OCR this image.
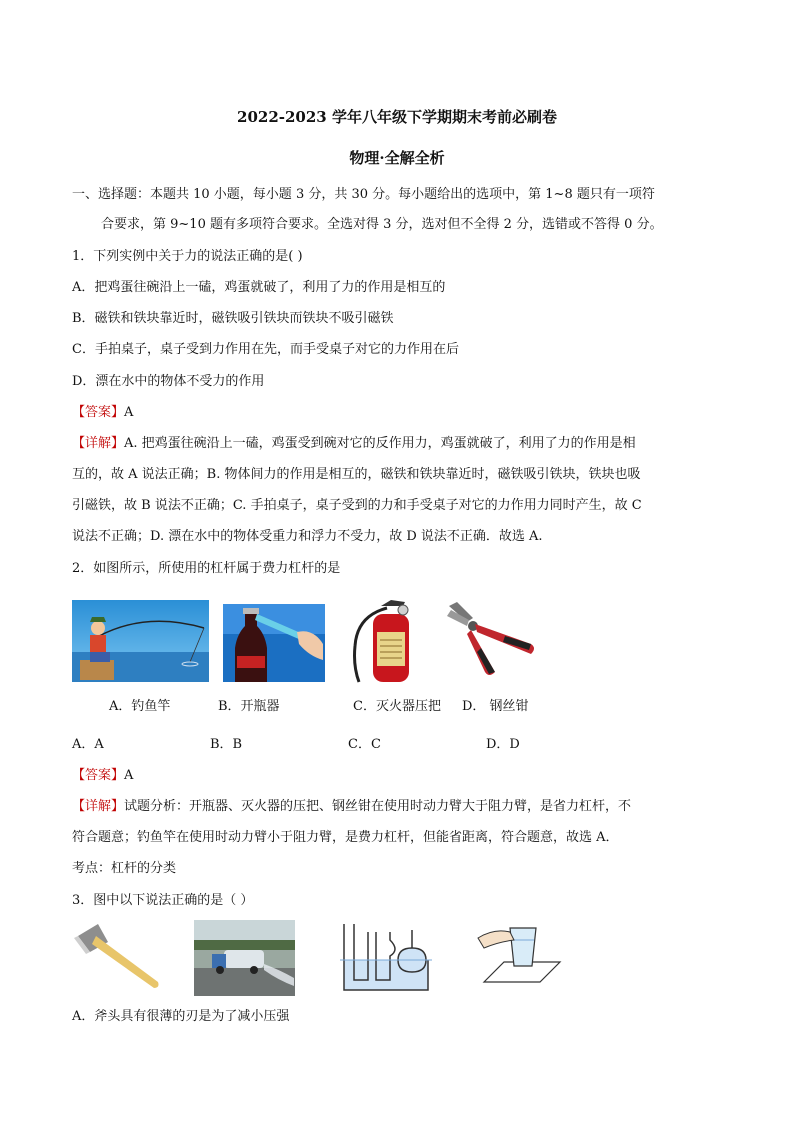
2022-2023 学年八年级下学期期末考前必刷卷
物理·全解全析
一、选择题：本题共 10 小题，每小题 3 分，共 30 分。每小题给出的选项中，第 1~8 题只有一项符
合要求，第 9~10 题有多项符合要求。全选对得 3 分，选对但不全得 2 分，选错或不答得 0 分。
1．下列实例中关于力的说法正确的是( )
A．把鸡蛋往碗沿上一磕，鸡蛋就破了，利用了力的作用是相互的
B．磁铁和铁块靠近时，磁铁吸引铁块而铁块不吸引磁铁
C．手拍桌子，桌子受到力作用在先，而手受桌子对它的力作用在后
D．漂在水中的物体不受力的作用
【答案】A
【详解】A. 把鸡蛋往碗沿上一磕，鸡蛋受到碗对它的反作用力，鸡蛋就破了，利用了力的作用是相
互的，故 A 说法正确；B. 物体间力的作用是相互的，磁铁和铁块靠近时，磁铁吸引铁块，铁块也吸
引磁铁，故 B 说法不正确；C. 手拍桌子，桌子受到的力和手受桌子对它的力作用力同时产生，故 C
说法不正确；D. 漂在水中的物体受重力和浮力不受力，故 D 说法不正确．故选 A.
2．如图所示，所使用的杠杆属于费力杠杆的是
A．钓鱼竿	B．开瓶器	C．灭火器压把 D． 钢丝钳
A．A	B．B	C．C	D．D
【答案】A
【详解】试题分析：开瓶器、灭火器的压把、钢丝钳在使用时动力臂大于阻力臂，是省力杠杆，不
符合题意；钓鱼竿在使用时动力臂小于阻力臂，是费力杠杆，但能省距离，符合题意，故选 A．
考点：杠杆的分类
3．图中以下说法正确的是（ ）
A．斧头具有很薄的刃是为了减小压强
